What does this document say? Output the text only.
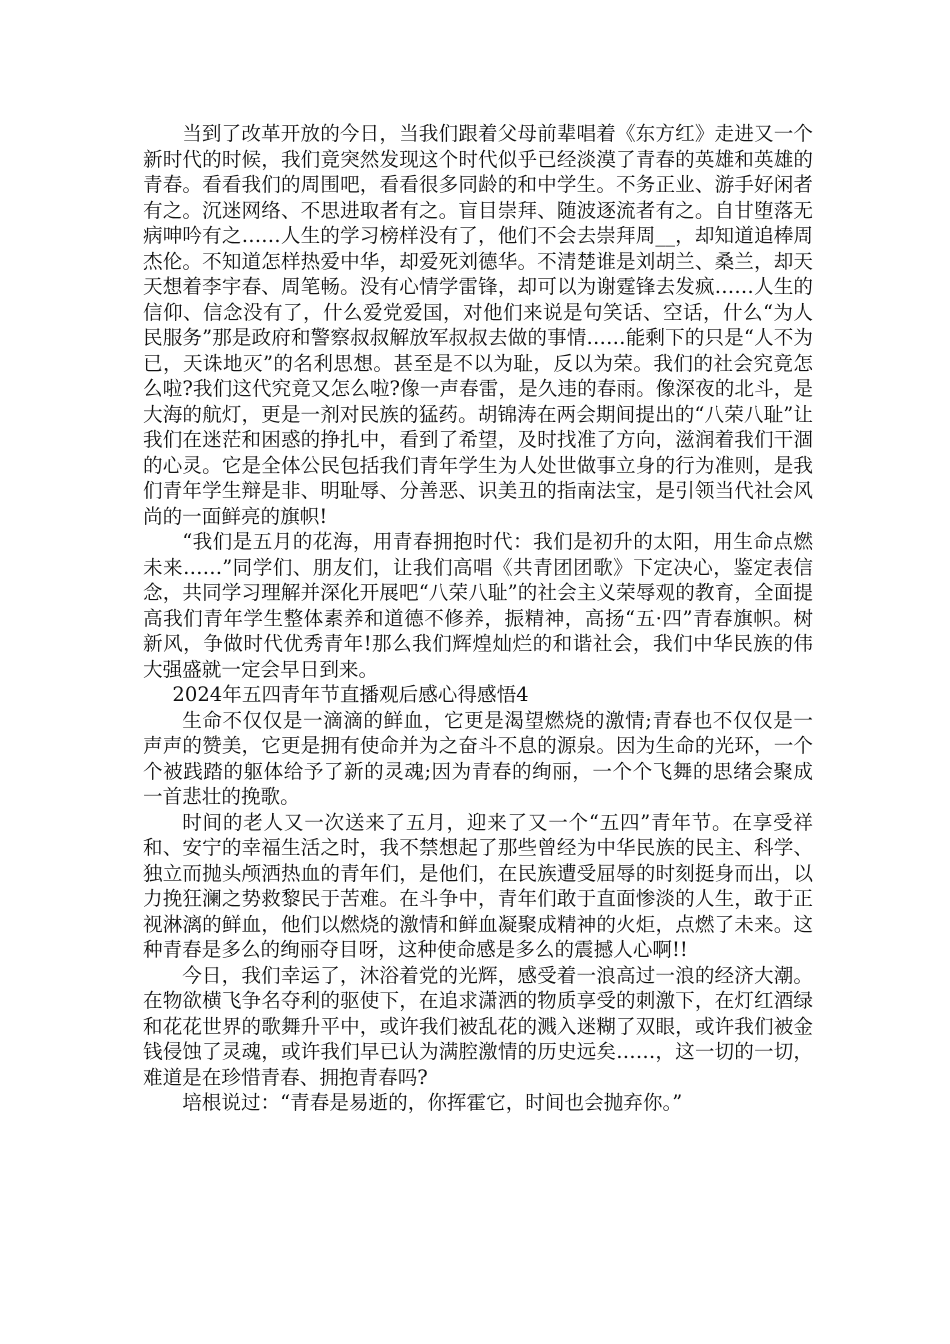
当到了改革开放的今日，当我们跟着父母前辈唱着《东方红》走进又一个新时代的时候，我们竟突然发现这个时代似乎已经淡漠了青春的英雄和英雄的青春。看看我们的周围吧，看看很多同龄的和中学生。不务正业、游手好闲者有之。沉迷网络、不思进取者有之。盲目崇拜、随波逐流者有之。自甘堕落无病呻吟有之……人生的学习榜样没有了，他们不会去崇拜周__，却知道追棒周杰伦。不知道怎样热爱中华，却爱死刘德华。不清楚谁是刘胡兰、桑兰，却天天想着李宇春、周笔畅。没有心情学雷锋，却可以为谢霆锋去发疯……人生的信仰、信念没有了，什么爱党爱国，对他们来说是句笑话、空话，什么“为人民服务”那是政府和警察叔叔解放军叔叔去做的事情……能剩下的只是“人不为已，天诛地灭”的名利思想。甚至是不以为耻，反以为荣。我们的社会究竟怎么啦?我们这代究竟又怎么啦?像一声春雷，是久违的春雨。像深夜的北斗，是大海的航灯，更是一剂对民族的猛药。胡锦涛在两会期间提出的“八荣八耻”让我们在迷茫和困惑的挣扎中，看到了希望，及时找准了方向，滋润着我们干涸的心灵。它是全体公民包括我们青年学生为人处世做事立身的行为准则，是我们青年学生辩是非、明耻辱、分善恶、识美丑的指南法宝，是引领当代社会风尚的一面鲜亮的旗帜!

“我们是五月的花海，用青春拥抱时代：我们是初升的太阳，用生命点燃未来……”同学们、朋友们，让我们高唱《共青团团歌》下定决心，鉴定表信念，共同学习理解并深化开展吧“八荣八耻”的社会主义荣辱观的教育，全面提高我们青年学生整体素养和道德不修养，振精神，高扬“五·四”青春旗帜。树新风，争做时代优秀青年!那么我们辉煌灿烂的和谐社会，我们中华民族的伟大强盛就一定会早日到来。

2024年五四青年节直播观后感心得感悟4

生命不仅仅是一滴滴的鲜血，它更是渴望燃烧的激情;青春也不仅仅是一声声的赞美，它更是拥有使命并为之奋斗不息的源泉。因为生命的光环，一个个被践踏的躯体给予了新的灵魂;因为青春的绚丽，一个个飞舞的思绪会聚成一首悲壮的挽歌。

时间的老人又一次送来了五月，迎来了又一个“五四”青年节。在享受祥和、安宁的幸福生活之时，我不禁想起了那些曾经为中华民族的民主、科学、独立而抛头颅洒热血的青年们，是他们，在民族遭受屈辱的时刻挺身而出，以力挽狂澜之势救黎民于苦难。在斗争中，青年们敢于直面惨淡的人生，敢于正视淋漓的鲜血，他们以燃烧的激情和鲜血凝聚成精神的火炬，点燃了未来。这种青春是多么的绚丽夺目呀，这种使命感是多么的震撼人心啊!!

今日，我们幸运了，沐浴着党的光辉，感受着一浪高过一浪的经济大潮。在物欲横飞争名夺利的驱使下，在追求潇洒的物质享受的刺激下，在灯红酒绿和花花世界的歌舞升平中，或许我们被乱花的溅入迷糊了双眼，或许我们被金钱侵蚀了灵魂，或许我们早已认为满腔激情的历史远矣……，这一切的一切，难道是在珍惜青春、拥抱青春吗?

培根说过：“青春是易逝的，你挥霍它，时间也会抛弃你。”
